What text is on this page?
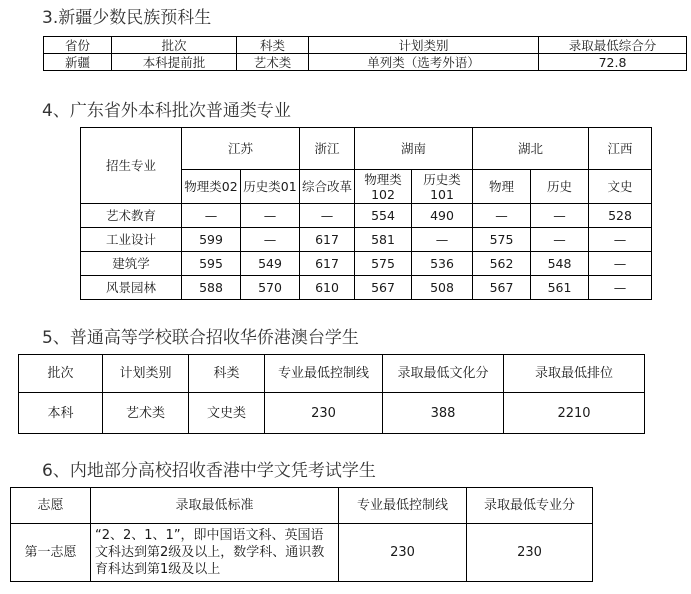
3.新疆少数民族预科生
省份	批次	科类	计划类别	录取最低综合分
新疆	本科提前批	艺术类	单列类（选考外语）	72.8
4、广东省外本科批次普通类专业
招生专业	江苏		浙江	湖南		湖北		江西
	物理类02	历史类01	综合改革	物理类102	历史类101	物理	历史	文史
艺术教育	—	—	—	554	490	—	—	528
工业设计	599	—	617	581	—	575	—	—
建筑学	595	549	617	575	536	562	548	—
风景园林	588	570	610	567	508	567	561	—
5、普通高等学校联合招收华侨港澳台学生
批次	计划类别	科类	专业最低控制线	录取最低文化分	录取最低排位
本科	艺术类	文史类	230	388	2210
6、内地部分高校招收香港中学文凭考试学生
志愿	录取最低标准	专业最低控制线	录取最低专业分
第一志愿	“2、2、1、1”，即中国语文科、英国语文科达到第2级及以上，数学科、通识教育科达到第1级及以上	230	230
